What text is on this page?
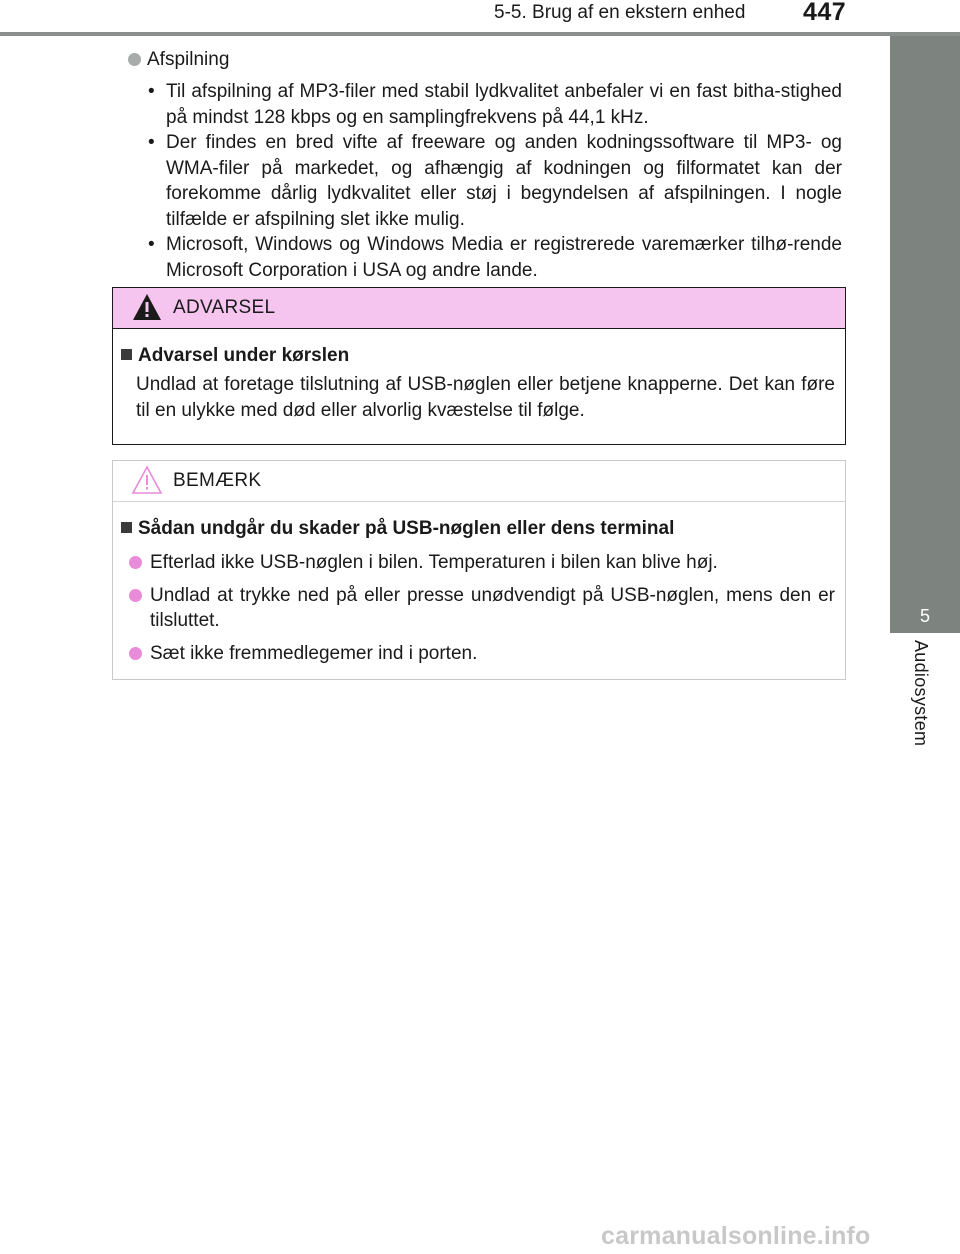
5-5. Brug af en ekstern enhed 447
5
Audiosystem

Afspilning

• Til afspilning af MP3-filer med stabil lydkvalitet anbefaler vi en fast bitha-stighed på mindst 128 kbps og en samplingfrekvens på 44,1 kHz.
• Der findes en bred vifte af freeware og anden kodningssoftware til MP3- og WMA-filer på markedet, og afhængig af kodningen og filformatet kan der forekomme dårlig lydkvalitet eller støj i begyndelsen af afspilningen. I nogle tilfælde er afspilning slet ikke mulig.
• Microsoft, Windows og Windows Media er registrerede varemærker tilhø-rende Microsoft Corporation i USA og andre lande.
ADVARSEL

Advarsel under kørslen

Undlad at foretage tilslutning af USB-nøglen eller betjene knapperne. Det kan føre til en ulykke med død eller alvorlig kvæstelse til følge.

BEMÆRK

Sådan undgår du skader på USB-nøglen eller dens terminal

Efterlad ikke USB-nøglen i bilen. Temperaturen i bilen kan blive høj.
Undlad at trykke ned på eller presse unødvendigt på USB-nøglen, mens den er tilsluttet.
Sæt ikke fremmedlegemer ind i porten.
carmanualsonline.info
